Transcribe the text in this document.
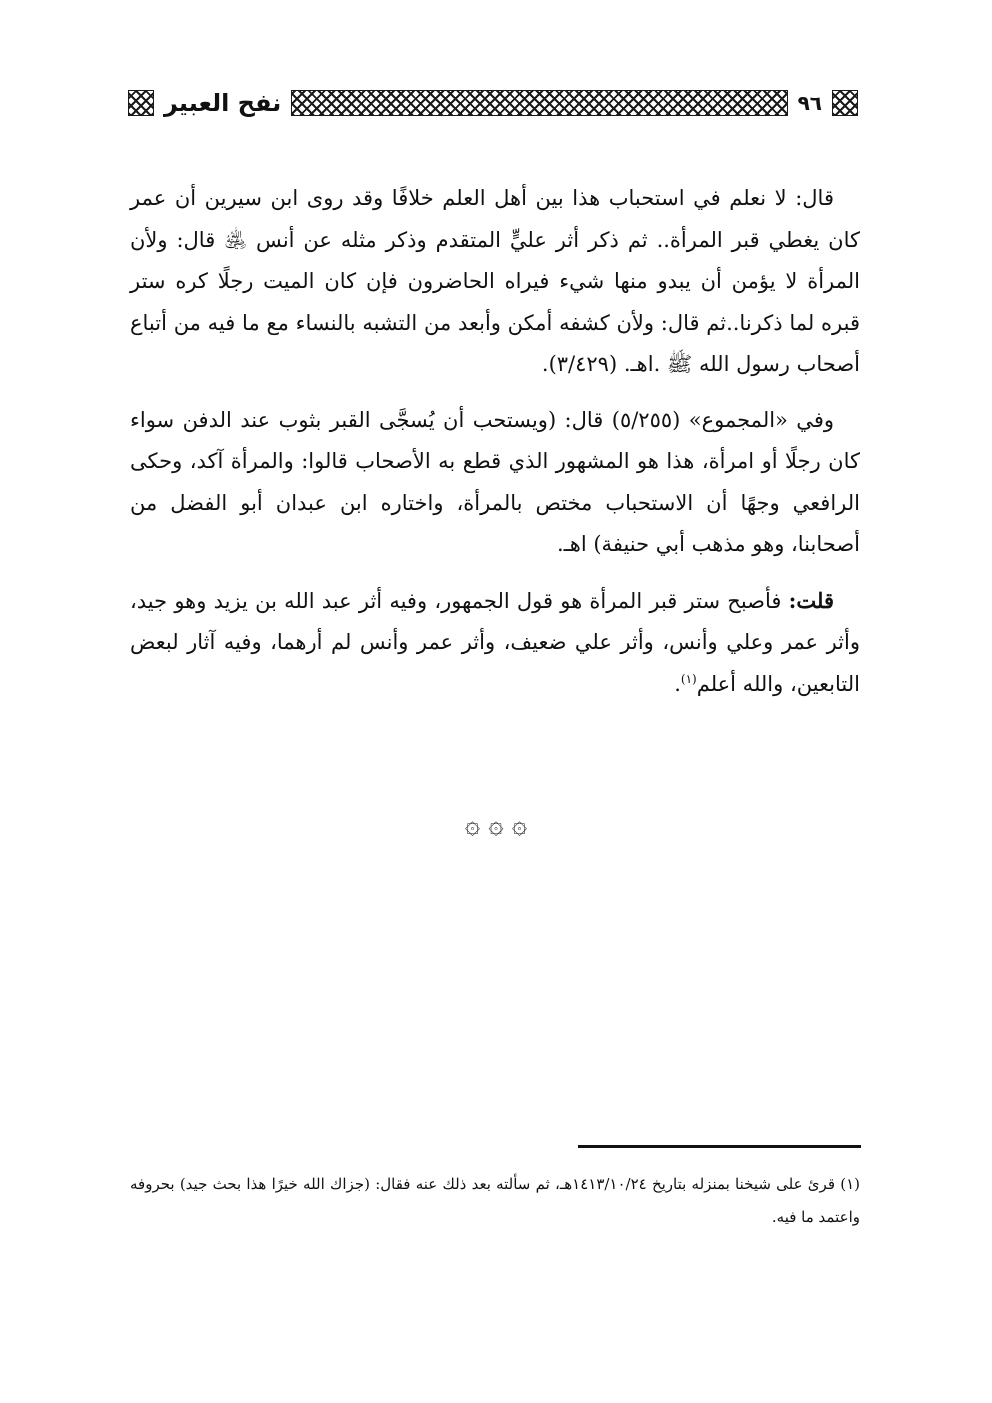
٩٦
نفح العبير

قال: لا نعلم في استحباب هذا بين أهل العلم خلافًا وقد روى ابن سيرين أن عمر كان يغطي قبر المرأة.. ثم ذكر أثر عليٍّ المتقدم وذكر مثله عن أنس ﵁ قال: ولأن المرأة لا يؤمن أن يبدو منها شيء فيراه الحاضرون فإن كان الميت رجلًا كره ستر قبره لما ذكرنا..ثم قال: ولأن كشفه أمكن وأبعد من التشبه بالنساء مع ما فيه من أتباع أصحاب رسول الله ﷺ .اهـ. (٣/٤٢٩).

وفي «المجموع» (٥/٢٥٥) قال: (ويستحب أن يُسجَّى القبر بثوب عند الدفن سواء كان رجلًا أو امرأة، هذا هو المشهور الذي قطع به الأصحاب قالوا: والمرأة آكد، وحكى الرافعي وجهًا أن الاستحباب مختص بالمرأة، واختاره ابن عبدان أبو الفضل من أصحابنا، وهو مذهب أبي حنيفة) اهـ.

قلت: فأصبح ستر قبر المرأة هو قول الجمهور، وفيه أثر عبد الله بن يزيد وهو جيد، وأثر عمر وعلي وأنس، وأثر علي ضعيف، وأثر عمر وأنس لم أرهما، وفيه آثار لبعض التابعين، والله أعلم$^{(١)}$.

۞ ۞ ۞
(١) قرئ على شيخنا بمنزله بتاريخ ١٤١٣/١٠/٢٤هـ، ثم سألته بعد ذلك عنه فقال: (جزاك الله خيرًا هذا بحث جيد) بحروفه واعتمد ما فيه.
